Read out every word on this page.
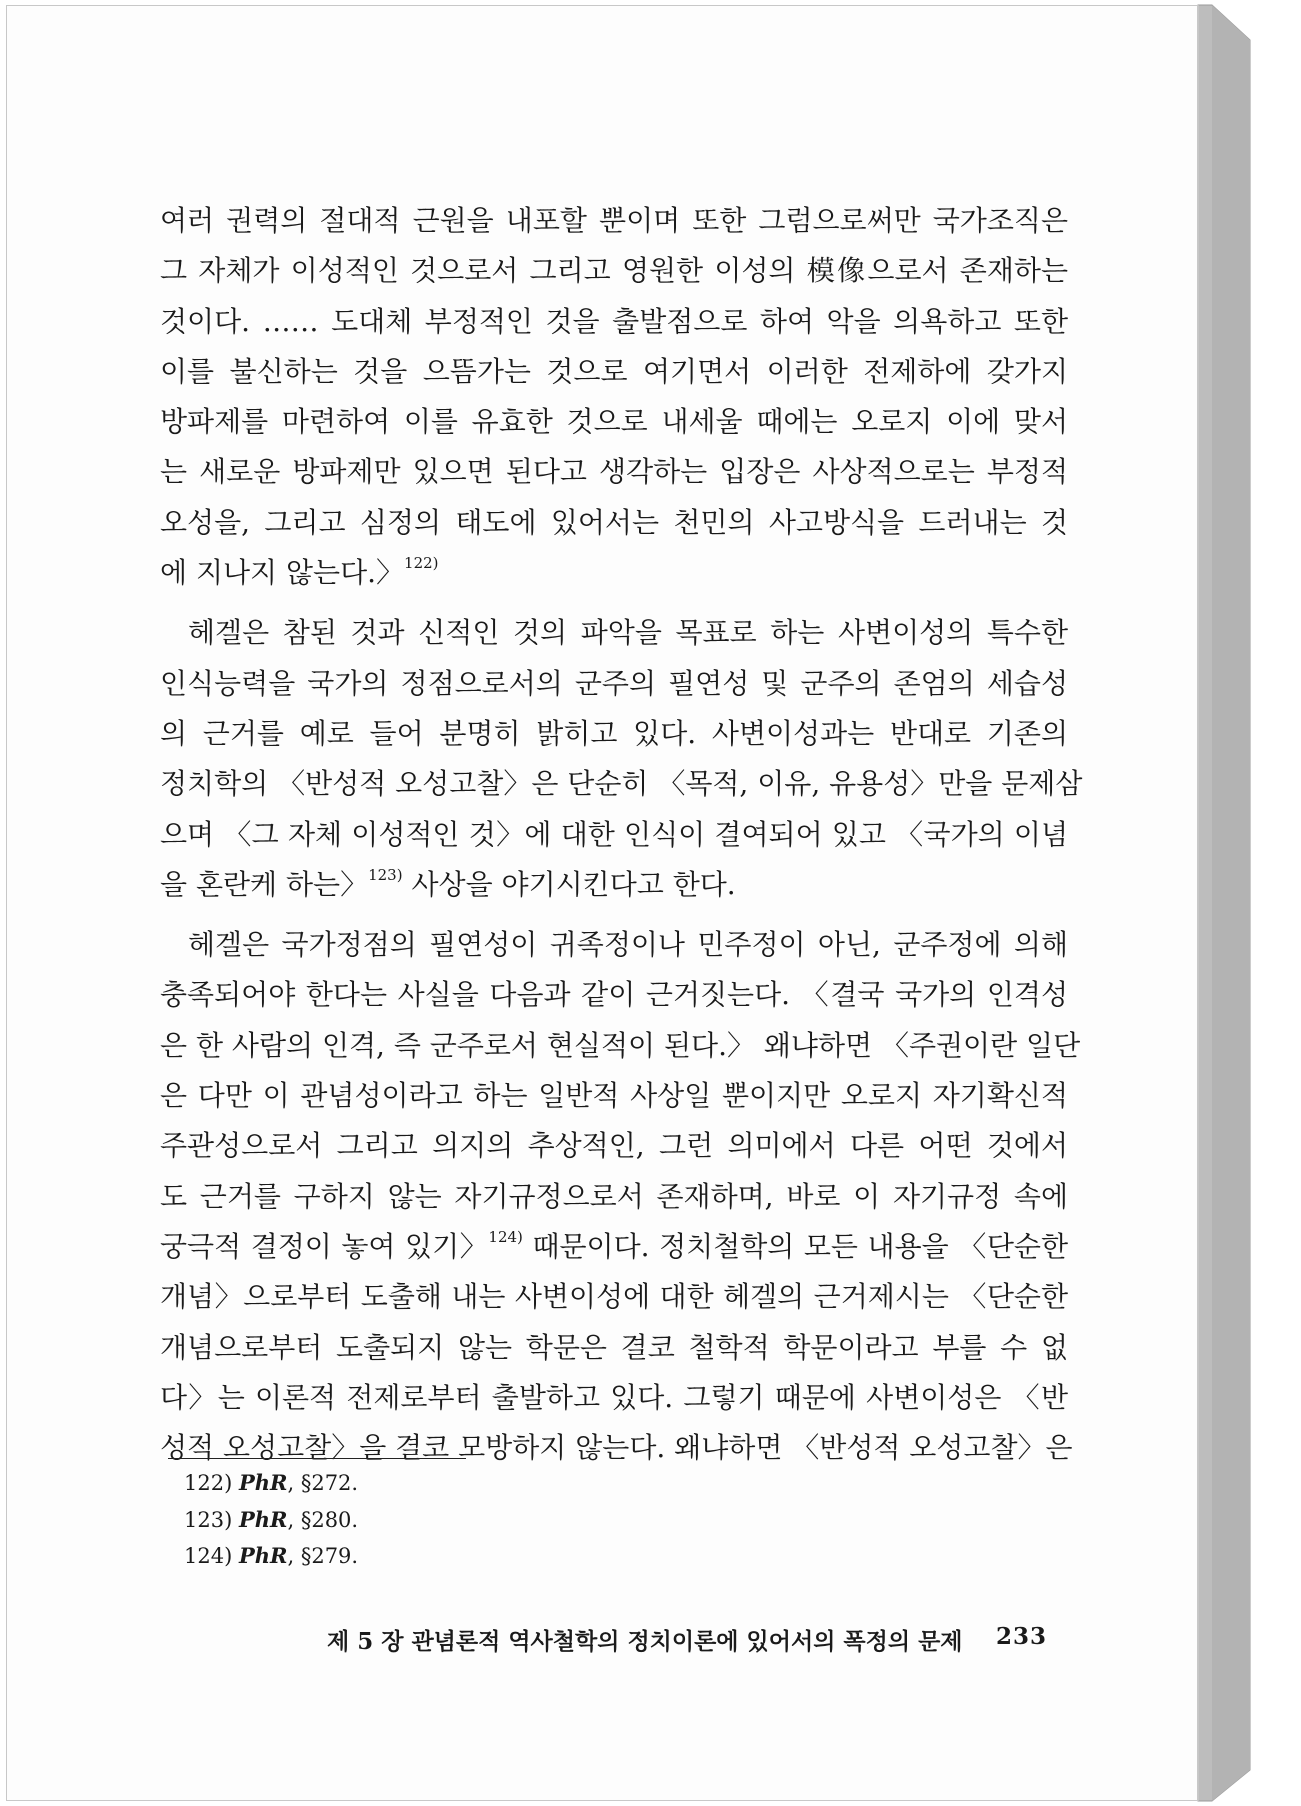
여러 권력의 절대적 근원을 내포할 뿐이며 또한 그럼으로써만 국가조직은
그 자체가 이성적인 것으로서 그리고 영원한 이성의 模像으로서 존재하는
것이다. …… 도대체 부정적인 것을 출발점으로 하여 악을 의욕하고 또한
이를 불신하는 것을 으뜸가는 것으로 여기면서 이러한 전제하에 갖가지
방파제를 마련하여 이를 유효한 것으로 내세울 때에는 오로지 이에 맞서
는 새로운 방파제만 있으면 된다고 생각하는 입장은 사상적으로는 부정적
오성을, 그리고 심정의 태도에 있어서는 천민의 사고방식을 드러내는 것
에 지나지 않는다.〉$^{122)}$
헤겔은 참된 것과 신적인 것의 파악을 목표로 하는 사변이성의 특수한
인식능력을 국가의 정점으로서의 군주의 필연성 및 군주의 존엄의 세습성
의 근거를 예로 들어 분명히 밝히고 있다. 사변이성과는 반대로 기존의
정치학의 〈반성적 오성고찰〉은 단순히 〈목적, 이유, 유용성〉만을 문제삼
으며 〈그 자체 이성적인 것〉에 대한 인식이 결여되어 있고 〈국가의 이념
을 혼란케 하는〉$^{123)}$ 사상을 야기시킨다고 한다.
헤겔은 국가정점의 필연성이 귀족정이나 민주정이 아닌, 군주정에 의해
충족되어야 한다는 사실을 다음과 같이 근거짓는다. 〈결국 국가의 인격성
은 한 사람의 인격, 즉 군주로서 현실적이 된다.〉 왜냐하면 〈주권이란 일단
은 다만 이 관념성이라고 하는 일반적 사상일 뿐이지만 오로지 자기확신적
주관성으로서 그리고 의지의 추상적인, 그런 의미에서 다른 어떤 것에서
도 근거를 구하지 않는 자기규정으로서 존재하며, 바로 이 자기규정 속에
궁극적 결정이 놓여 있기〉$^{124)}$ 때문이다. 정치철학의 모든 내용을 〈단순한
개념〉으로부터 도출해 내는 사변이성에 대한 헤겔의 근거제시는 〈단순한
개념으로부터 도출되지 않는 학문은 결코 철학적 학문이라고 부를 수 없
다〉는 이론적 전제로부터 출발하고 있다. 그렇기 때문에 사변이성은 〈반
성적 오성고찰〉을 결코 모방하지 않는다. 왜냐하면 〈반성적 오성고찰〉은
122) PhR, §272.
123) PhR, §280.
124) PhR, §279.
제 5 장 관념론적 역사철학의 정치이론에 있어서의 폭정의 문제 233
